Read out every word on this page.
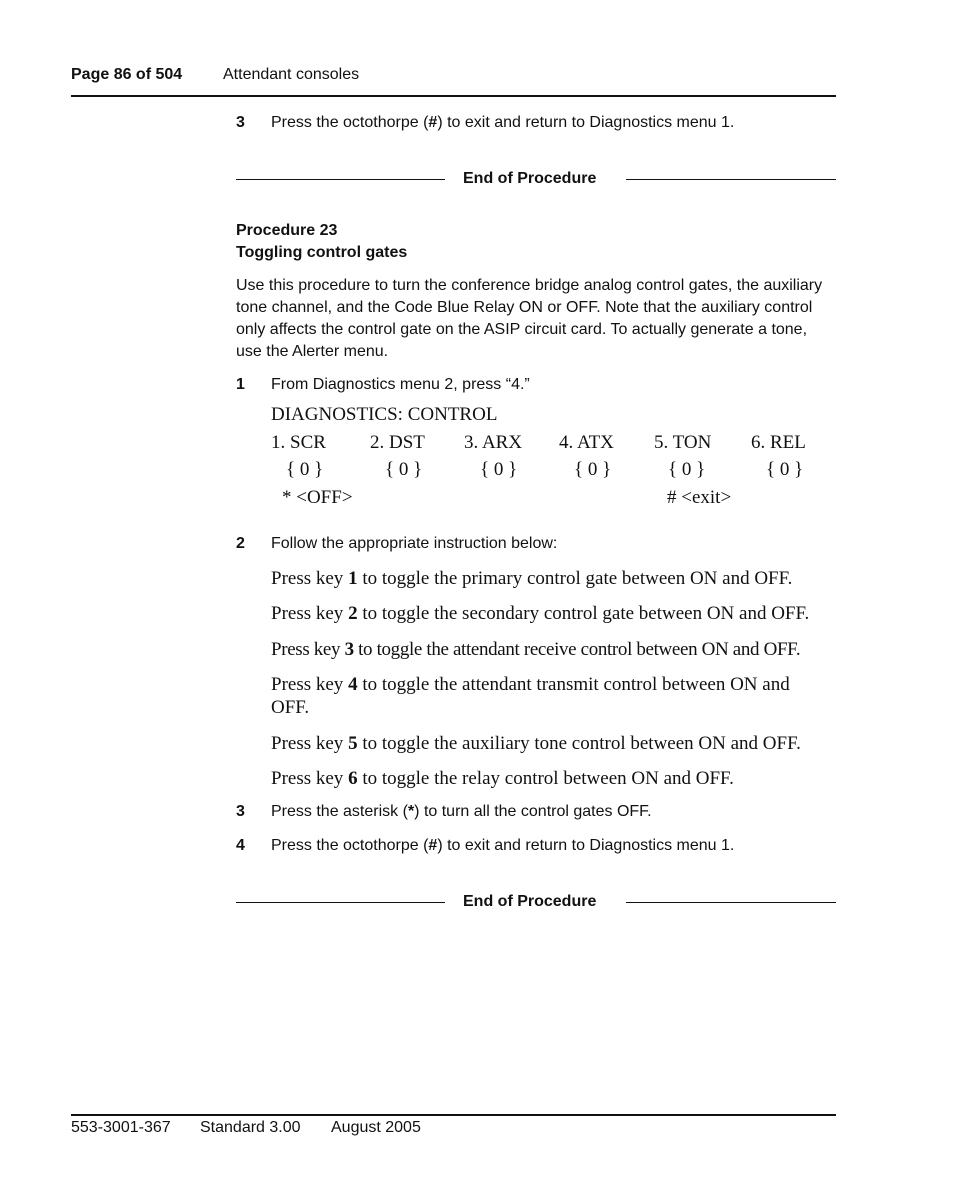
Page 86 of 504	Attendant consoles
3 Press the octothorpe (#) to exit and return to Diagnostics menu 1.
End of Procedure
Procedure 23
Toggling control gates
Use this procedure to turn the conference bridge analog control gates, the auxiliary tone channel, and the Code Blue Relay ON or OFF. Note that the auxiliary control only affects the control gate on the ASIP circuit card. To actually generate a tone, use the Alerter menu.
1 From Diagnostics menu 2, press “4.”
DIAGNOSTICS: CONTROL
1. SCR 2. DST 3. ARX 4. ATX 5. TON 6. REL
{ 0 }	{ 0 }	{ 0 }	{ 0 }	{ 0 }	{ 0 }
* <OFF>	# <exit>
2 Follow the appropriate instruction below:
Press key 1 to toggle the primary control gate between ON and OFF.
Press key 2 to toggle the secondary control gate between ON and OFF.
Press key 3 to toggle the attendant receive control between ON and OFF.
Press key 4 to toggle the attendant transmit control between ON and OFF.
Press key 5 to toggle the auxiliary tone control between ON and OFF.
Press key 6 to toggle the relay control between ON and OFF.
3 Press the asterisk (*) to turn all the control gates OFF.
4 Press the octothorpe (#) to exit and return to Diagnostics menu 1.
End of Procedure
553-3001-367 Standard 3.00 August 2005
